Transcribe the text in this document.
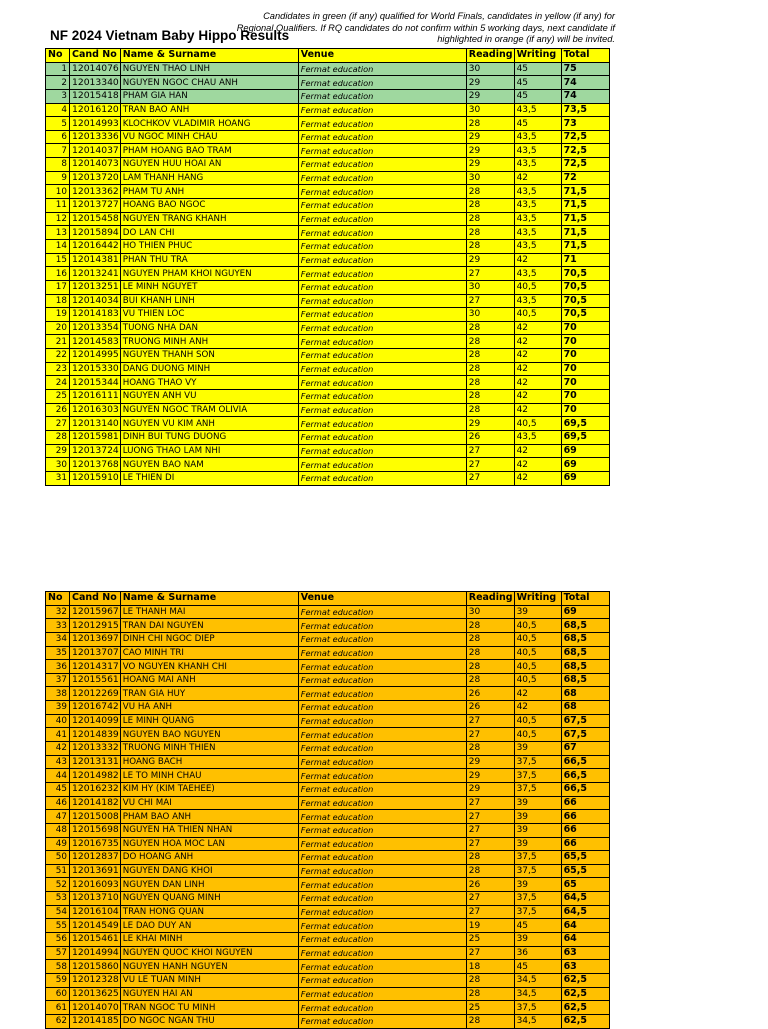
NF 2024 Vietnam Baby Hippo Results
Candidates in green (if any) qualified for World Finals, candidates in yellow (if any) for Regional Qualifiers. If RQ candidates do not confirm within 5 working days, next candidate if highlighted in orange (if any) will be invited.
No	Cand No	Name & Surname	Venue	Reading	Writing	Total
1	12014076	NGUYEN THAO LINH	Fermat education	30	45	75
2	12013340	NGUYEN NGOC CHAU ANH	Fermat education	29	45	74
3	12015418	PHAM GIA HAN	Fermat education	29	45	74
4	12016120	TRAN BAO ANH	Fermat education	30	43,5	73,5
5	12014993	KLOCHKOV VLADIMIR HOANG	Fermat education	28	45	73
6	12013336	VU NGOC MINH CHAU	Fermat education	29	43,5	72,5
7	12014037	PHAM HOANG BAO TRAM	Fermat education	29	43,5	72,5
8	12014073	NGUYEN HUU HOAI AN	Fermat education	29	43,5	72,5
9	12013720	LAM THANH HANG	Fermat education	30	42	72
10	12013362	PHAM TU ANH	Fermat education	28	43,5	71,5
11	12013727	HOANG BAO NGOC	Fermat education	28	43,5	71,5
12	12015458	NGUYEN TRANG KHANH	Fermat education	28	43,5	71,5
13	12015894	DO LAN CHI	Fermat education	28	43,5	71,5
14	12016442	HO THIEN PHUC	Fermat education	28	43,5	71,5
15	12014381	PHAN THU TRA	Fermat education	29	42	71
16	12013241	NGUYEN PHAM KHOI NGUYEN	Fermat education	27	43,5	70,5
17	12013251	LE MINH NGUYET	Fermat education	30	40,5	70,5
18	12014034	BUI KHANH LINH	Fermat education	27	43,5	70,5
19	12014183	VU THIEN LOC	Fermat education	30	40,5	70,5
20	12013354	TUONG NHA DAN	Fermat education	28	42	70
21	12014583	TRUONG MINH ANH	Fermat education	28	42	70
22	12014995	NGUYEN THANH SON	Fermat education	28	42	70
23	12015330	DANG DUONG MINH	Fermat education	28	42	70
24	12015344	HOANG THAO VY	Fermat education	28	42	70
25	12016111	NGUYEN ANH VU	Fermat education	28	42	70
26	12016303	NGUYEN NGOC TRAM OLIVIA	Fermat education	28	42	70
27	12013140	NGUYEN VU KIM ANH	Fermat education	29	40,5	69,5
28	12015981	DINH BUI TUNG DUONG	Fermat education	26	43,5	69,5
29	12013724	LUONG THAO LAM NHI	Fermat education	27	42	69
30	12013768	NGUYEN BAO NAM	Fermat education	27	42	69
31	12015910	LE THIEN DI	Fermat education	27	42	69
No	Cand No	Name & Surname	Venue	Reading	Writing	Total
32	12015967	LE THANH MAI	Fermat education	30	39	69
33	12012915	TRAN DAI NGUYEN	Fermat education	28	40,5	68,5
34	12013697	DINH CHI NGOC DIEP	Fermat education	28	40,5	68,5
35	12013707	CAO MINH TRI	Fermat education	28	40,5	68,5
36	12014317	VO NGUYEN KHANH CHI	Fermat education	28	40,5	68,5
37	12015561	HOANG MAI ANH	Fermat education	28	40,5	68,5
38	12012269	TRAN GIA HUY	Fermat education	26	42	68
39	12016742	VU HA ANH	Fermat education	26	42	68
40	12014099	LE MINH QUANG	Fermat education	27	40,5	67,5
41	12014839	NGUYEN BAO NGUYEN	Fermat education	27	40,5	67,5
42	12013332	TRUONG MINH THIEN	Fermat education	28	39	67
43	12013131	HOANG BACH	Fermat education	29	37,5	66,5
44	12014982	LE TO MINH CHAU	Fermat education	29	37,5	66,5
45	12016232	KIM HY (KIM TAEHEE)	Fermat education	29	37,5	66,5
46	12014182	VU CHI MAI	Fermat education	27	39	66
47	12015008	PHAM BAO ANH	Fermat education	27	39	66
48	12015698	NGUYEN HA THIEN NHAN	Fermat education	27	39	66
49	12016735	NGUYEN HOA MOC LAN	Fermat education	27	39	66
50	12012837	DO HOANG ANH	Fermat education	28	37,5	65,5
51	12013691	NGUYEN DANG KHOI	Fermat education	28	37,5	65,5
52	12016093	NGUYEN DAN LINH	Fermat education	26	39	65
53	12013710	NGUYEN QUANG MINH	Fermat education	27	37,5	64,5
54	12016104	TRAN HONG QUAN	Fermat education	27	37,5	64,5
55	12014549	LE DAO DUY AN	Fermat education	19	45	64
56	12015461	LE KHAI MINH	Fermat education	25	39	64
57	12014994	NGUYEN QUOC KHOI NGUYEN	Fermat education	27	36	63
58	12015860	NGUYEN HANH NGUYEN	Fermat education	18	45	63
59	12012328	VU LE TUAN MINH	Fermat education	28	34,5	62,5
60	12013625	NGUYEN HAI AN	Fermat education	28	34,5	62,5
61	12014070	TRAN NGOC TU MINH	Fermat education	25	37,5	62,5
62	12014185	DO NGOC NGAN THU	Fermat education	28	34,5	62,5
